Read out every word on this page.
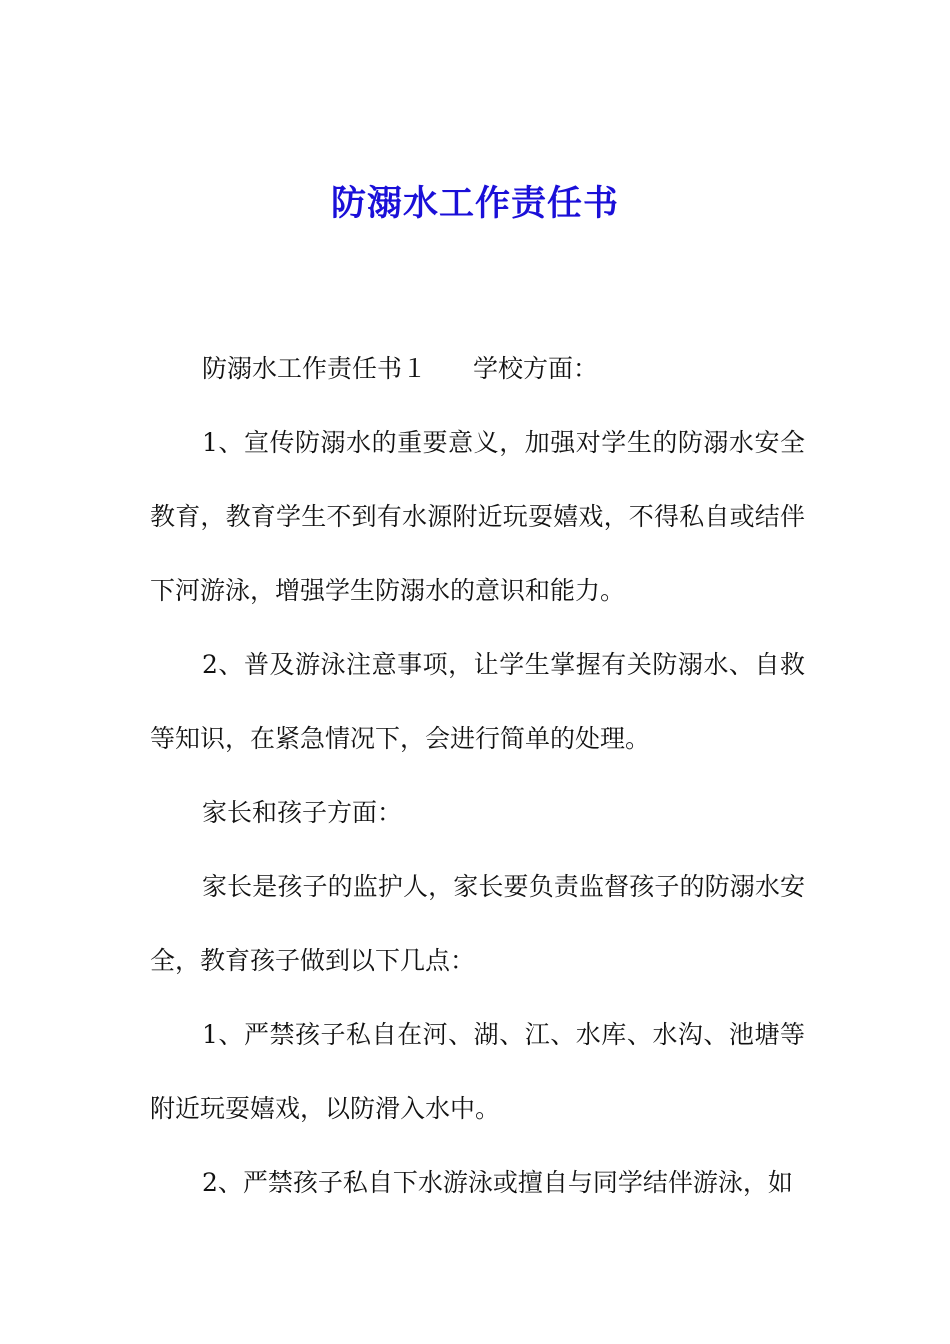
防溺水工作责任书

防溺水工作责任书１ 学校方面：

1、宣传防溺水的重要意义，加强对学生的防溺水安全教育，教育学生不到有水源附近玩耍嬉戏，不得私自或结伴下河游泳，增强学生防溺水的意识和能力。

2、普及游泳注意事项，让学生掌握有关防溺水、自救等知识，在紧急情况下，会进行简单的处理。

家长和孩子方面：

家长是孩子的监护人，家长要负责监督孩子的防溺水安全，教育孩子做到以下几点：

1、严禁孩子私自在河、湖、江、水库、水沟、池塘等附近玩耍嬉戏，以防滑入水中。

2、严禁孩子私自下水游泳或擅自与同学结伴游泳，如
